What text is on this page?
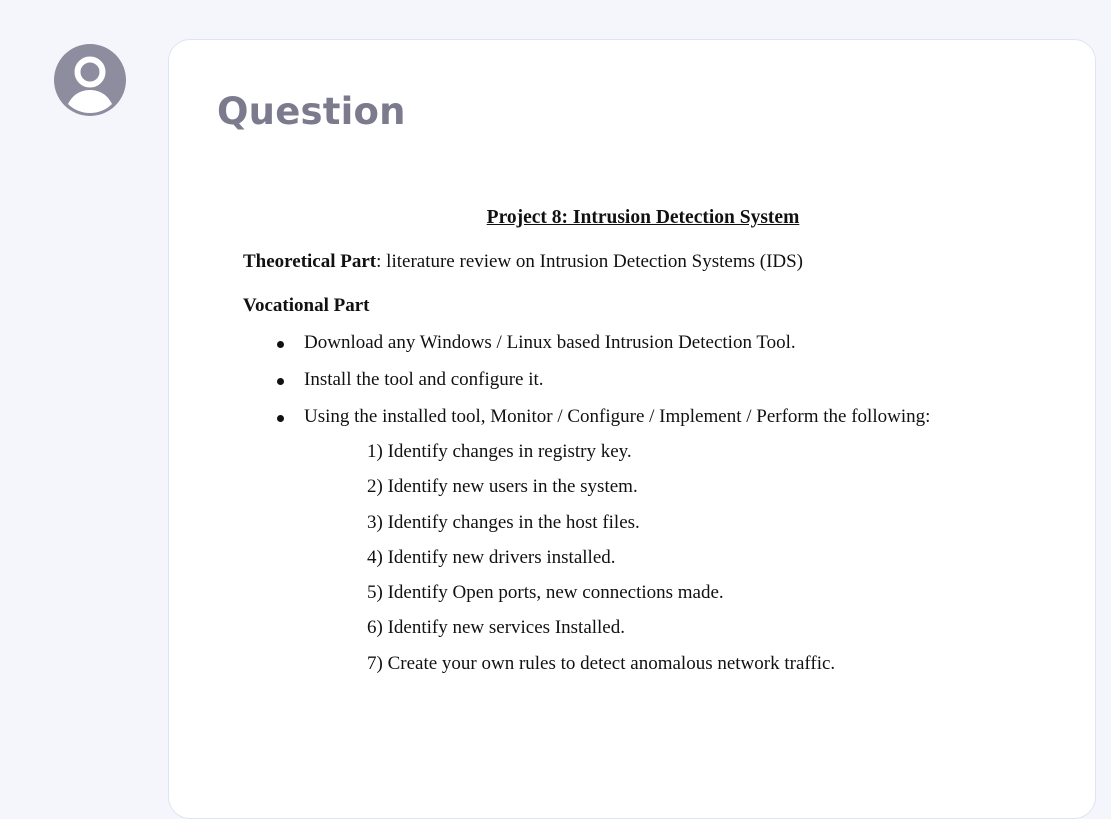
Question

Project 8: Intrusion Detection System

Theoretical Part: literature review on Intrusion Detection Systems (IDS)

Vocational Part

Download any Windows / Linux based Intrusion Detection Tool.
Install the tool and configure it.
Using the installed tool, Monitor / Configure / Implement / Perform the following:
1) Identify changes in registry key.
2) Identify new users in the system.
3) Identify changes in the host files.
4) Identify new drivers installed.
5) Identify Open ports, new connections made.
6) Identify new services Installed.
7) Create your own rules to detect anomalous network traffic.
